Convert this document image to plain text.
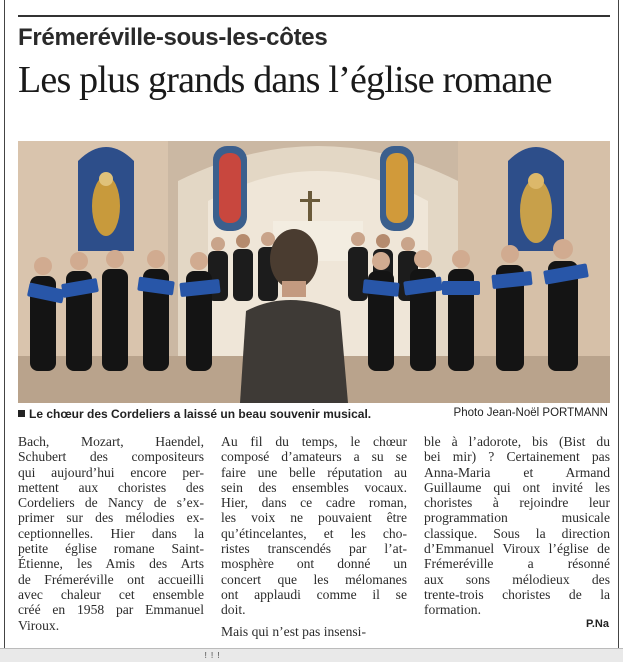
Frémeréville-sous-les-côtes
Les plus grands dans l’église romane
Le chœur des Cordeliers a laissé un beau souvenir musical.	Photo Jean-Noël PORTMANN

Bach, Mozart, Haendel,
Schubert des compositeurs
qui aujourd’hui encore per-
mettent aux choristes des
Cordeliers de Nancy de s’ex-
primer sur des mélodies ex-
ceptionnelles. Hier dans la
petite église romane Saint-
Étienne, les Amis des Arts
de Frémeréville ont accueilli
avec chaleur cet ensemble
créé en 1958 par Emmanuel
Viroux.

Au fil du temps, le chœur
composé d’amateurs a su se
faire une belle réputation au
sein des ensembles vocaux.
Hier, dans ce cadre roman,
les voix ne pouvaient être
qu’étincelantes, et les cho-
ristes transcendés par l’at-
mosphère ont donné un
concert que les mélomanes
ont applaudi comme il se
doit.

Mais qui n’est pas insensi-

ble à l’adorote, bis (Bist du
bei mir) ? Certainement pas
Anna-Maria et Armand
Guillaume qui ont invité les
choristes à rejoindre leur
programmation musicale
classique. Sous la direction
d’Emmanuel Viroux l’église de
Frémeréville a résonné
aux sons mélodieux des
trente-trois choristes de la
formation.

P.Na
!!!
